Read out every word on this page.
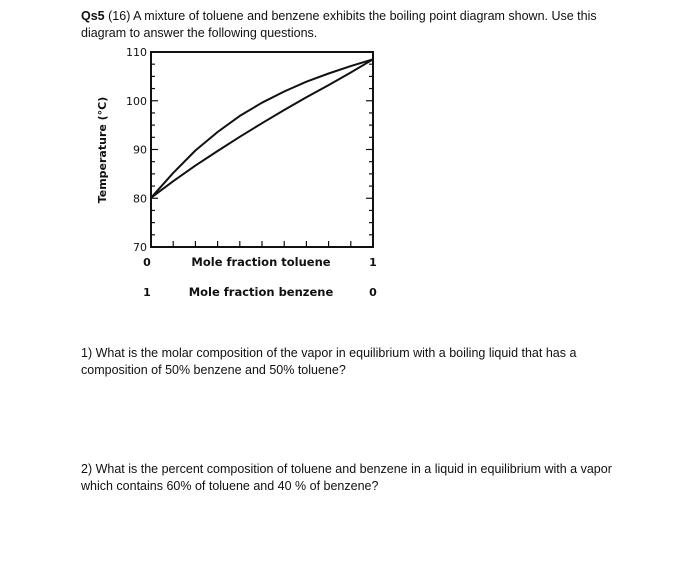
Qs5 (16) A mixture of toluene and benzene exhibits the boiling point diagram shown. Use this diagram to answer the following questions.
110
100
90
80
70
0	1
Mole fraction toluene
1	0
Mole fraction benzene
Temperature (°C)
1) What is the molar composition of the vapor in equilibrium with a boiling liquid that has a composition of 50% benzene and 50% toluene?
2) What is the percent composition of toluene and benzene in a liquid in equilibrium with a vapor which contains 60% of toluene and 40 % of benzene?
